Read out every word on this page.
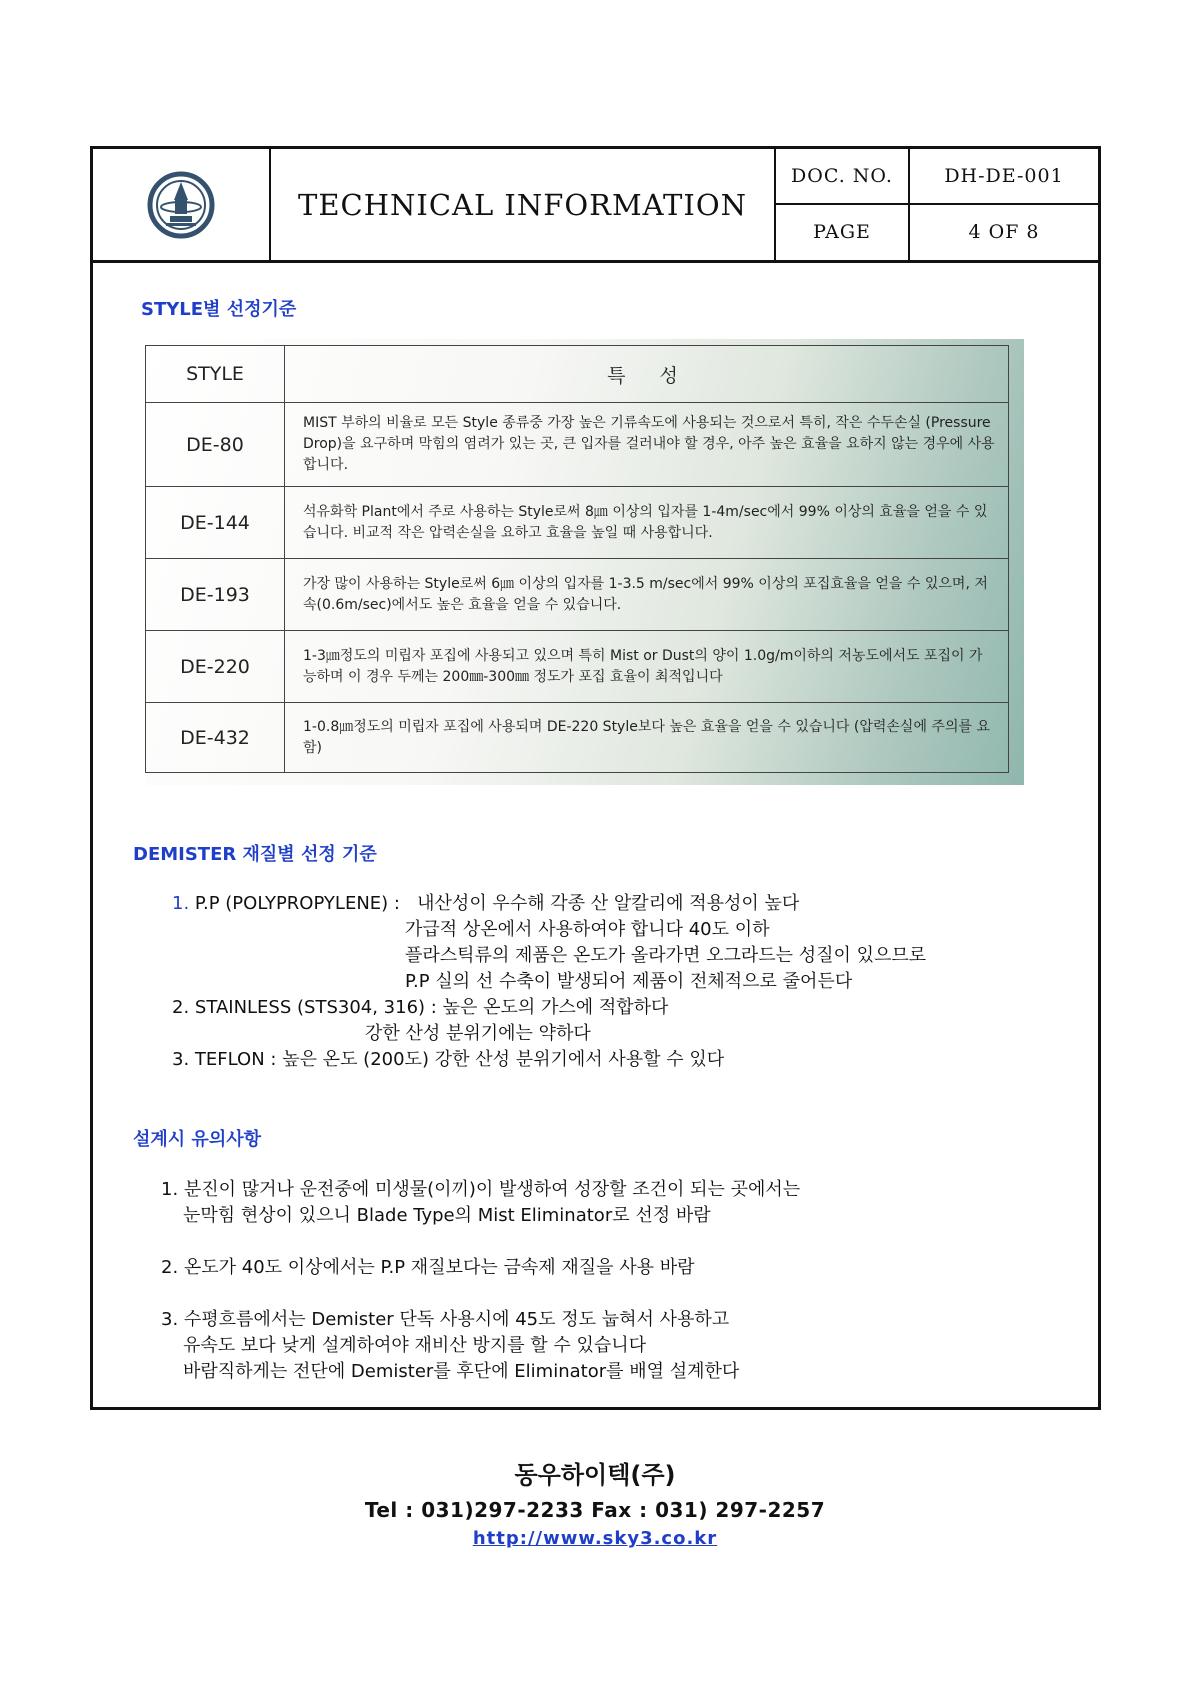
TECHNICAL INFORMATION
DOC. NO.	DH-DE-001
PAGE	4 OF 8
STYLE별 선정기준
STYLE	특 성
DE-80	MIST 부하의 비율로 모든 Style 종류중 가장 높은 기류속도에 사용되는 것으로서 특히, 작은 수두손실 (Pressure Drop)을 요구하며 막힘의 염려가 있는 곳, 큰 입자를 걸러내야 할 경우, 아주 높은 효율을 요하지 않는 경우에 사용합니다.
DE-144	석유화학 Plant에서 주로 사용하는 Style로써 8㎛ 이상의 입자를 1-4m/sec에서 99% 이상의 효율을 얻을 수 있습니다. 비교적 작은 압력손실을 요하고 효율을 높일 때 사용합니다.
DE-193	가장 많이 사용하는 Style로써 6㎛ 이상의 입자를 1-3.5 m/sec에서 99% 이상의 포집효율을 얻을 수 있으며, 저속(0.6m/sec)에서도 높은 효율을 얻을 수 있습니다.
DE-220	1-3㎛정도의 미립자 포집에 사용되고 있으며 특히 Mist or Dust의 양이 1.0g/m이하의 저농도에서도 포집이 가능하며 이 경우 두께는 200㎜-300㎜ 정도가 포집 효율이 최적입니다
DE-432	1-0.8㎛정도의 미립자 포집에 사용되며 DE-220 Style보다 높은 효율을 얻을 수 있습니다 (압력손실에 주의를 요함)
DEMISTER 재질별 선정 기준
1. P.P (POLYPROPYLENE) : 내산성이 우수해 각종 산 알칼리에 적용성이 높다
가급적 상온에서 사용하여야 합니다 40도 이하
플라스틱류의 제품은 온도가 올라가면 오그라드는 성질이 있으므로
P.P 실의 선 수축이 발생되어 제품이 전체적으로 줄어든다
2. STAINLESS (STS304, 316) : 높은 온도의 가스에 적합하다
강한 산성 분위기에는 약하다
3. TEFLON : 높은 온도 (200도) 강한 산성 분위기에서 사용할 수 있다
설계시 유의사항
1. 분진이 많거나 운전중에 미생물(이끼)이 발생하여 성장할 조건이 되는 곳에서는
눈막힘 현상이 있으니 Blade Type의 Mist Eliminator로 선정 바람
2. 온도가 40도 이상에서는 P.P 재질보다는 금속제 재질을 사용 바람
3. 수평흐름에서는 Demister 단독 사용시에 45도 정도 눕혀서 사용하고
유속도 보다 낮게 설계하여야 재비산 방지를 할 수 있습니다
바람직하게는 전단에 Demister를 후단에 Eliminator를 배열 설계한다
동우하이텍(주)
Tel : 031)297-2233 Fax : 031) 297-2257
http://www.sky3.co.kr
